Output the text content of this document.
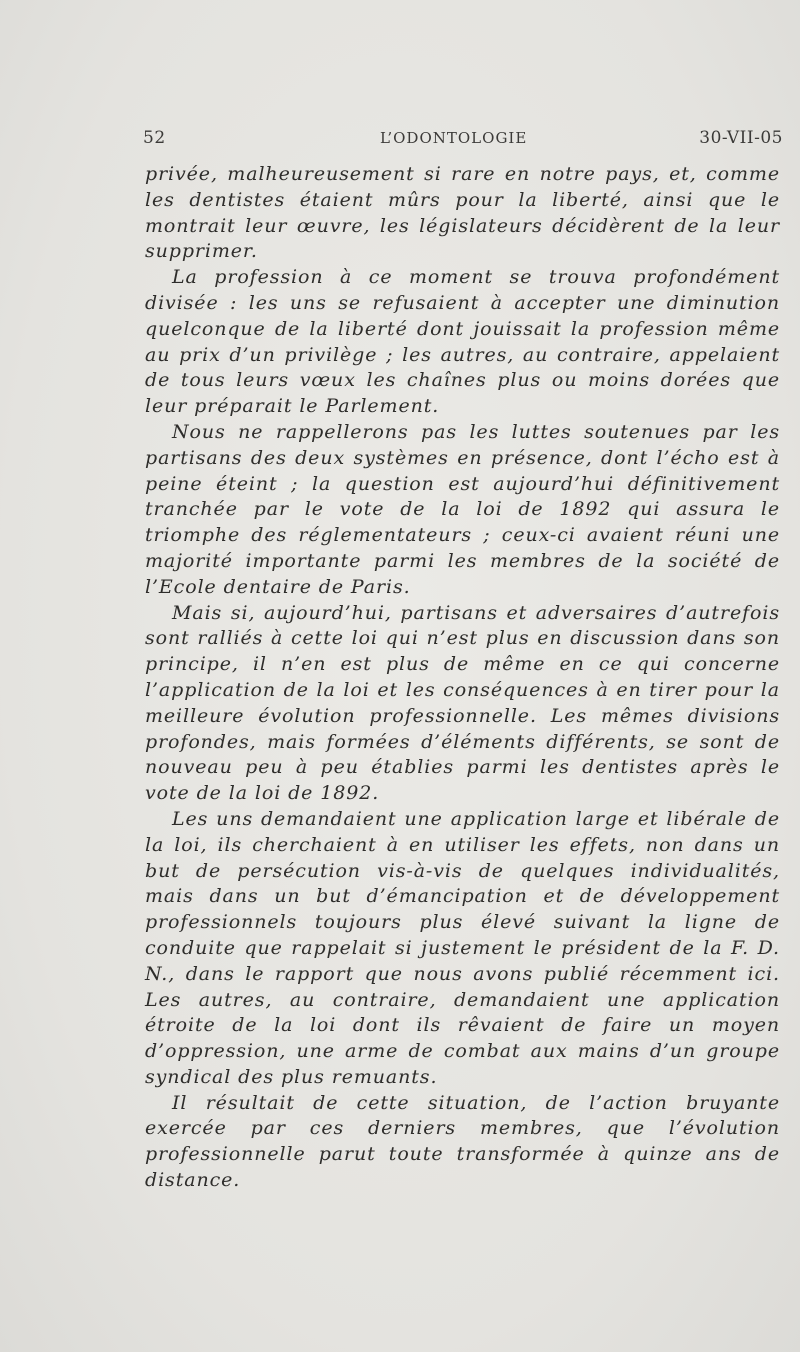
52	L’ODONTOLOGIE	30-VII-05

privée, malheureusement si rare en notre pays, et, comme les dentistes étaient mûrs pour la liberté, ainsi que le montrait leur œuvre, les législateurs décidèrent de la leur supprimer.

La profession à ce moment se trouva profondément divisée : les uns se refusaient à accepter une diminution quelconque de la liberté dont jouissait la profession même au prix d’un privilège ; les autres, au contraire, appelaient de tous leurs vœux les chaînes plus ou moins dorées que leur préparait le Parlement.

Nous ne rappellerons pas les luttes soutenues par les partisans des deux systèmes en présence, dont l’écho est à peine éteint ; la question est aujourd’hui définitivement tranchée par le vote de la loi de 1892 qui assura le triomphe des réglementateurs ; ceux-ci avaient réuni une majorité importante parmi les membres de la société de l’Ecole dentaire de Paris.

Mais si, aujourd’hui, partisans et adversaires d’autrefois sont ralliés à cette loi qui n’est plus en discussion dans son principe, il n’en est plus de même en ce qui concerne l’application de la loi et les conséquences à en tirer pour la meilleure évolution professionnelle. Les mêmes divisions profondes, mais formées d’éléments différents, se sont de nouveau peu à peu établies parmi les dentistes après le vote de la loi de 1892.

Les uns demandaient une application large et libérale de la loi, ils cherchaient à en utiliser les effets, non dans un but de persécution vis-à-vis de quelques individualités, mais dans un but d’émancipation et de développement professionnels toujours plus élevé suivant la ligne de conduite que rappelait si justement le président de la F. D. N., dans le rapport que nous avons publié récemment ici. Les autres, au contraire, demandaient une application étroite de la loi dont ils rêvaient de faire un moyen d’oppression, une arme de combat aux mains d’un groupe syndical des plus remuants.

Il résultait de cette situation, de l’action bruyante exercée par ces derniers membres, que l’évolution professionnelle parut toute transformée à quinze ans de distance.
